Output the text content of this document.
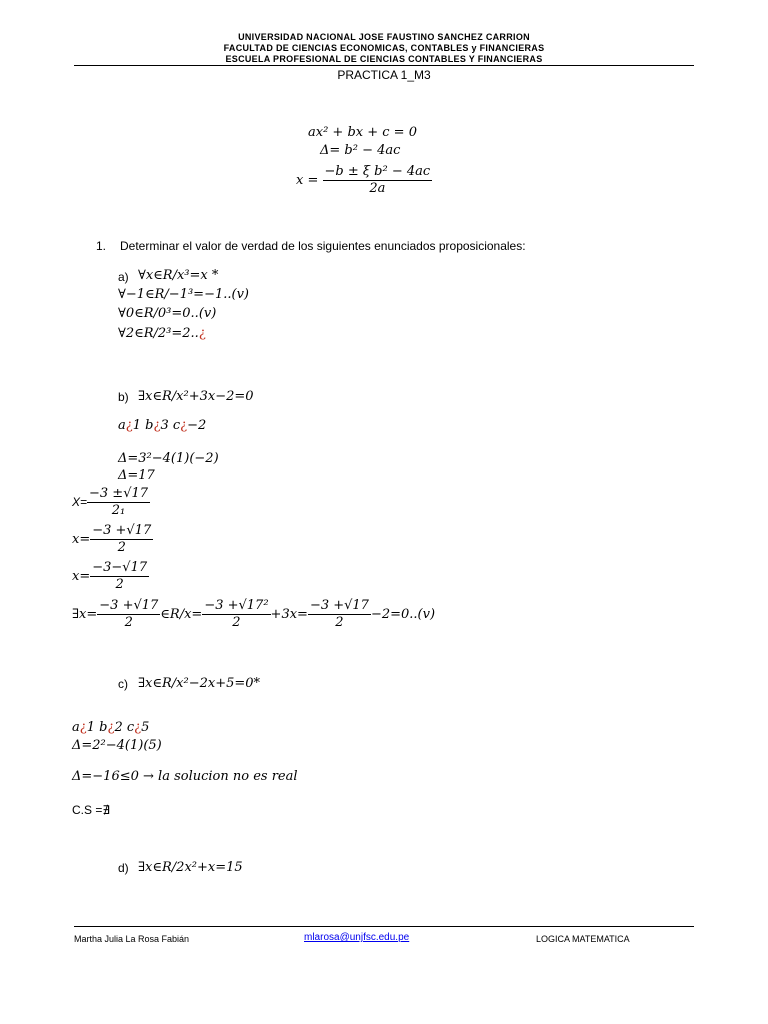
UNIVERSIDAD NACIONAL JOSE FAUSTINO SANCHEZ CARRION
FACULTAD DE CIENCIAS ECONOMICAS, CONTABLES y FINANCIERAS
ESCUELA PROFESIONAL DE CIENCIAS CONTABLES Y FINANCIERAS
PRACTICA 1_M3
ax² + bx + c = 0
Δ= b² − 4ac
$x = \frac{\text{−b ± ξ b² − 4ac}}{2a}$
1. Determinar el valor de verdad de los siguientes enunciados proposicionales:
a) ∀x∈R/x³=x *
∀−1∈R/−1³=−1..(v)
∀0∈R/0³=0..(v)
∀2∈R/2³=2..¿
b) ∃x∈R/x²+3x−2=0
a¿1 b¿3 c¿−2
Δ=3²−4(1)(−2)
Δ=17
$X= \frac{-3 \pm√17}{\text{2₁}}$
$x= \frac{-3 +√17}{2}$
$x= \frac{-3-√17}{2}$
∃x= $\frac{-3 +√17}{2}$ ∈R/x= $\frac{\text{−3 +√17²}}{2} +3x= \frac{-3 +√17}{2} -2=0..(v)$
c) ∃x∈R/x²−2x+5=0*
a¿1 b¿2 c¿5
Δ=2²−4(1)(5)
Δ=−16≤0 → la solucion no es real
C.S =∄
d) ∃x∈R/2x²+x=15
Martha Julia La Rosa Fabián	mlarosa@unjfsc.edu.pe	LOGICA MATEMATICA
